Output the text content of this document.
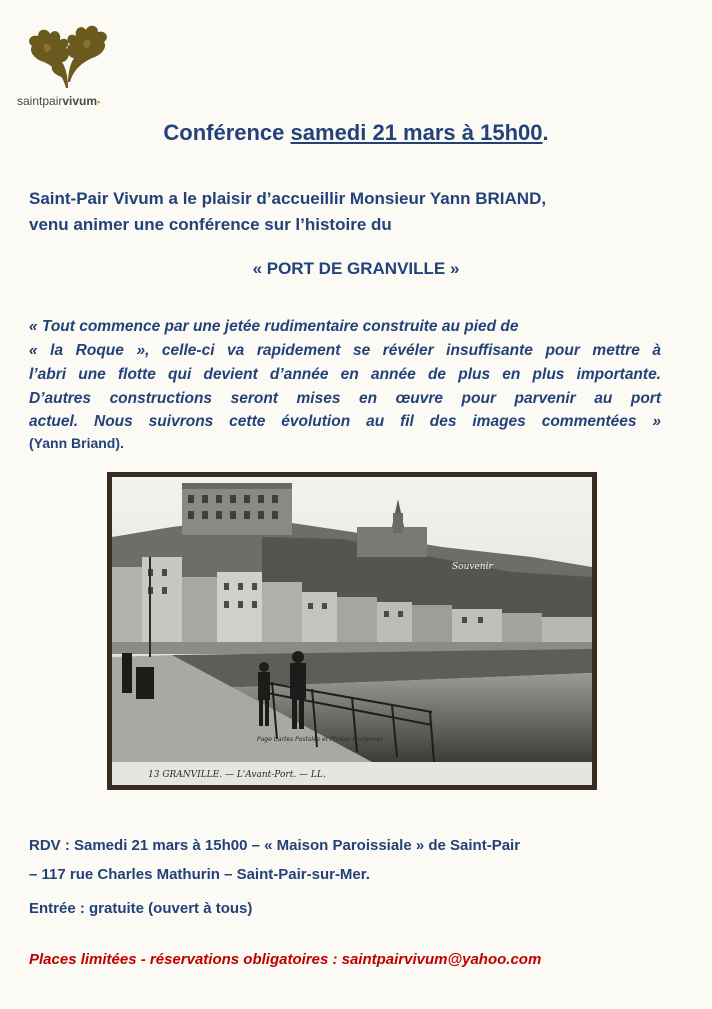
saintpairvivum▪
Conférence samedi 21 mars à 15h00.
Saint-Pair Vivum a le plaisir d’accueillir Monsieur Yann BRIAND,
venu animer une conférence sur l’histoire du
« PORT DE GRANVILLE »
« Tout commence par une jetée rudimentaire construite au pied de
« la Roque », celle-ci va rapidement se révéler insuffisante pour mettre à
l’abri une flotte qui devient d’année en année de plus en plus importante.
D’autres constructions seront mises en œuvre pour parvenir au port
actuel. Nous suivrons cette évolution au fil des images commentées »
(Yann Briand).
Souvenir
Page Cartes Postales et Photos Anciennes
13 GRANVILLE. — L'Avant-Port. — LL.
RDV : Samedi 21 mars à 15h00 – « Maison Paroissiale » de Saint-Pair
– 117 rue Charles Mathurin – Saint-Pair-sur-Mer.
Entrée : gratuite (ouvert à tous)
Places limitées - réservations obligatoires : saintpairvivum@yahoo.com
